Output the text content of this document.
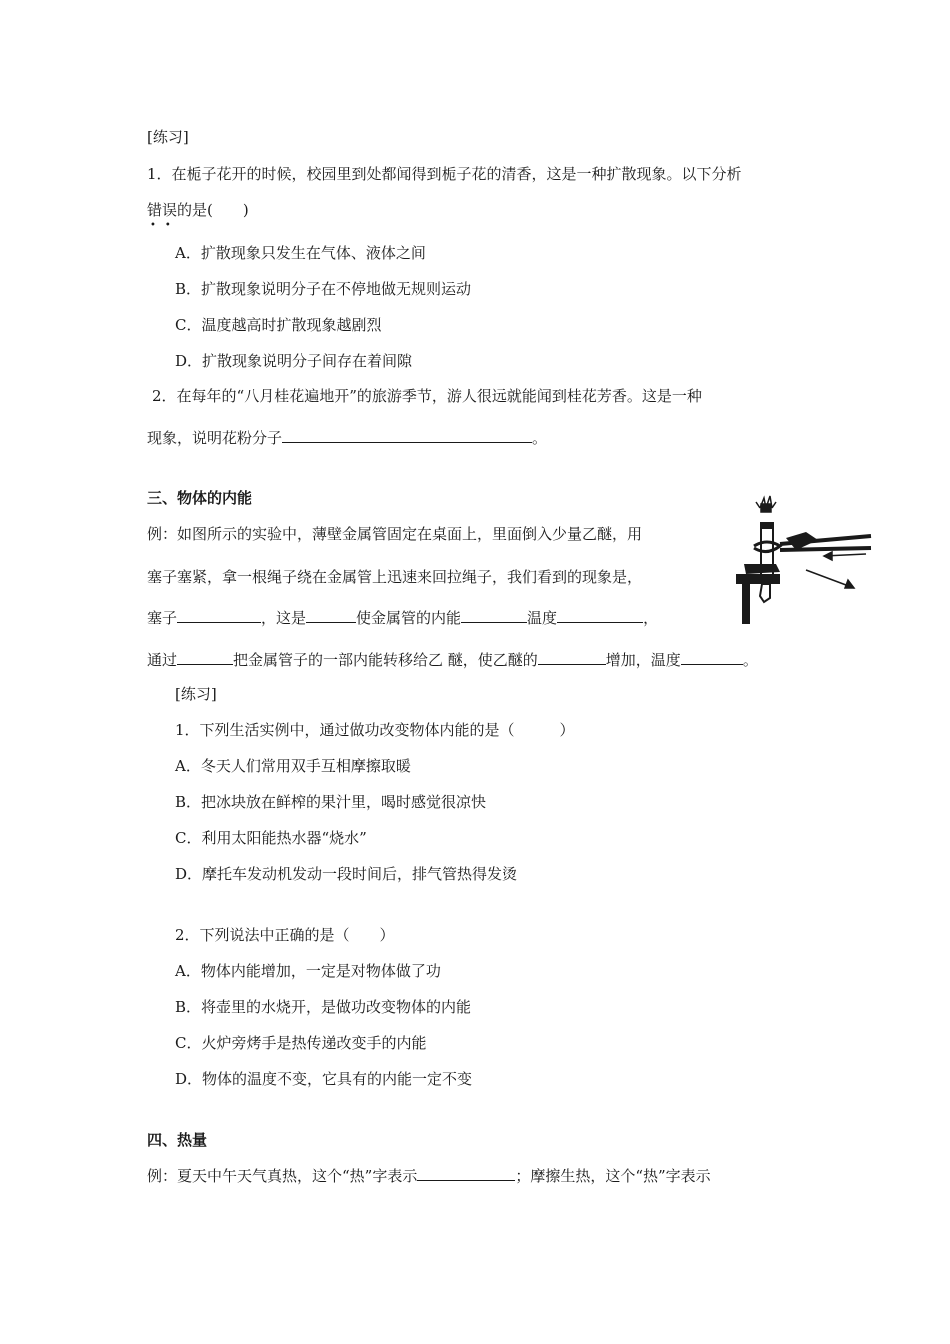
[练习]
1．在栀子花开的时候，校园里到处都闻得到栀子花的清香，这是一种扩散现象。以下分析
错误的是(　　)
••
A．扩散现象只发生在气体、液体之间
B．扩散现象说明分子在不停地做无规则运动
C．温度越高时扩散现象越剧烈
D．扩散现象说明分子间存在着间隙
2．在每年的“八月桂花遍地开”的旅游季节，游人很远就能闻到桂花芳香。这是一种
现象，说明花粉分子	。
三、物体的内能
例：如图所示的实验中，薄壁金属管固定在桌面上，里面倒入少量乙醚，用
塞子塞紧，拿一根绳子绕在金属管上迅速来回拉绳子，我们看到的现象是，
塞子	，这是	使金属管的内能	温度	，
通过	把金属管子的一部内能转移给乙 醚，使乙醚的	增加，温度	。
[练习]
1．下列生活实例中，通过做功改变物体内能的是（　　　）
A．冬天人们常用双手互相摩擦取暖
B．把冰块放在鲜榨的果汁里，喝时感觉很凉快
C．利用太阳能热水器“烧水”
D．摩托车发动机发动一段时间后，排气管热得发烫
2．下列说法中正确的是（　　）
A．物体内能增加，一定是对物体做了功
B．将壶里的水烧开，是做功改变物体的内能
C．火炉旁烤手是热传递改变手的内能
D．物体的温度不变，它具有的内能一定不变
四、热量
例：夏天中午天气真热，这个“热”字表示	；摩擦生热，这个“热”字表示
